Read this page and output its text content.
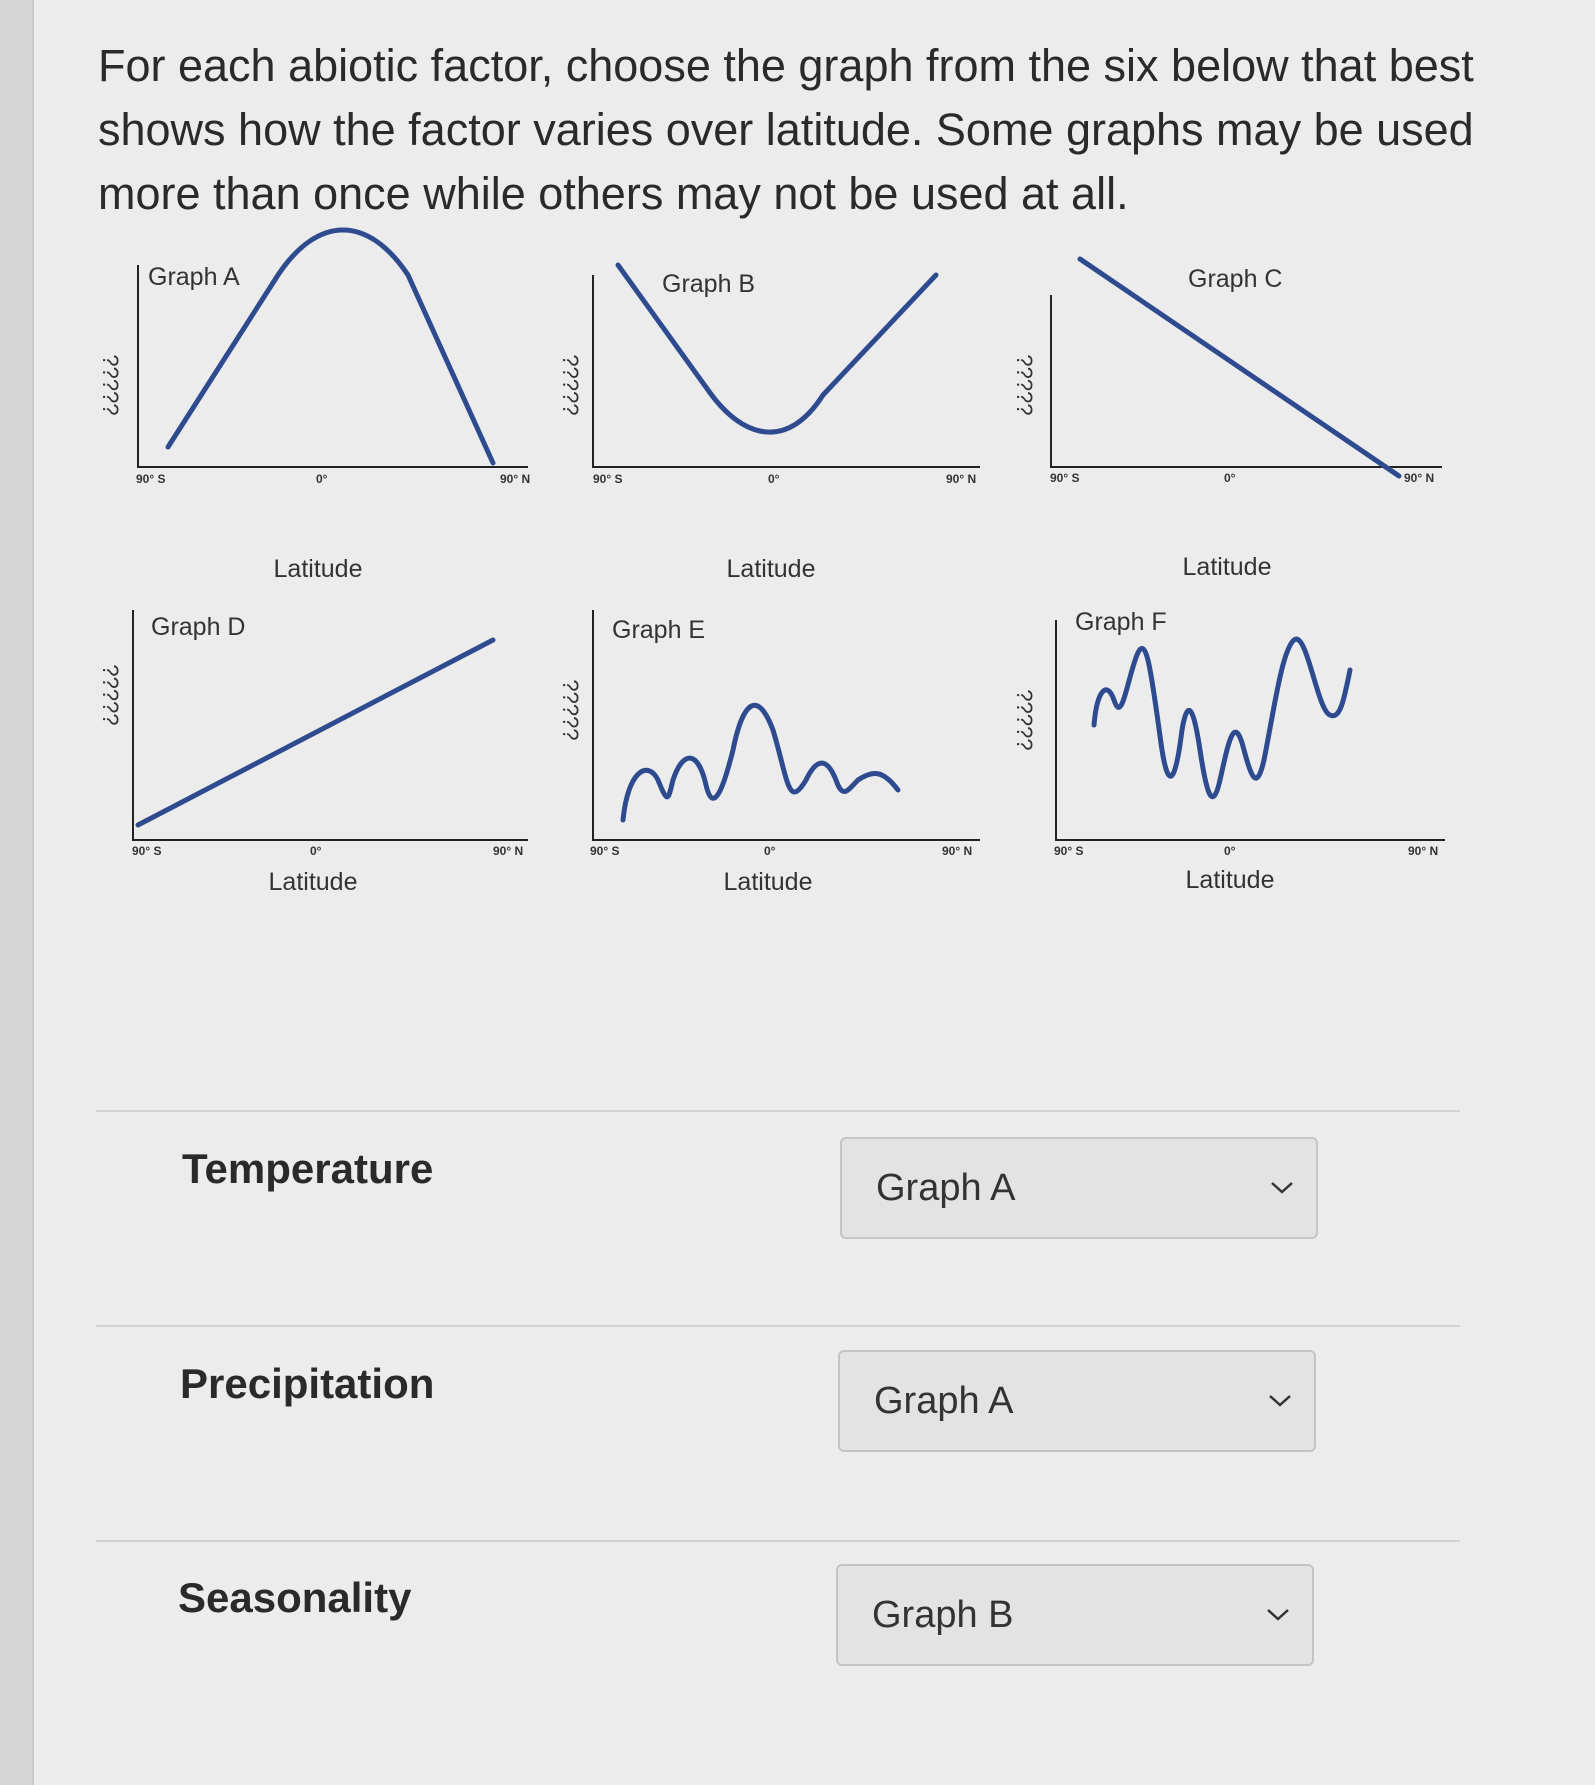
For each abiotic factor, choose the graph from the six below that best shows how the factor varies over latitude. Some graphs may be used more than once while others may not be used at all.

Graph A
?????
90° S	0°	90° N
Latitude
Graph B
?????
90° S	0°	90° N
Latitude
Graph C
?????
90° S	0°	90° N
Latitude
Graph D
?????
90° S	0°	90° N
Latitude
Graph E
?????
90° S	0°	90° N
Latitude
Graph F
?????
90° S	0°	90° N
Latitude
Temperature	Graph A
Precipitation	Graph A
Seasonality	Graph B
